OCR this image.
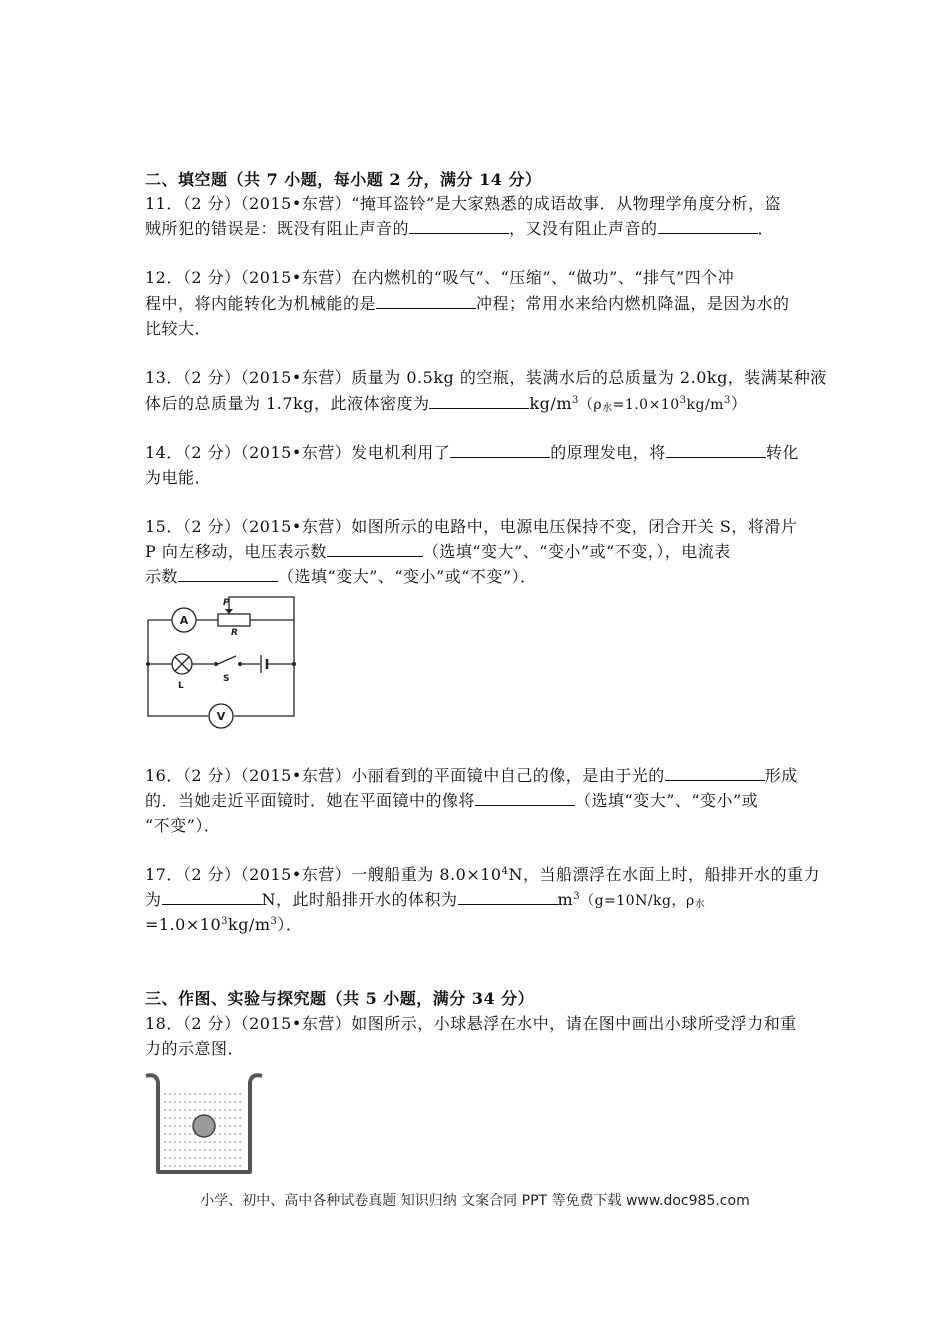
二、填空题（共 7 小题，每小题 2 分，满分 14 分）
11．（2 分）（2015•东营）“掩耳盗铃”是大家熟悉的成语故事．从物理学角度分析，盗
贼所犯的错误是：既没有阻止声音的	，又没有阻止声音的	．
12．（2 分）（2015•东营）在内燃机的“吸气”、“压缩”、“做功”、“排气”四个冲
程中，将内能转化为机械能的是	冲程；常用水来给内燃机降温，是因为水的
比较大．
13．（2 分）（2015•东营）质量为 0.5kg 的空瓶，装满水后的总质量为 2.0kg，装满某种液
体后的总质量为 1.7kg，此液体密度为	$kg/m^3(\rho_水=1.0\times 10^3kg/m^3)$
14．（2 分）（2015•东营）发电机利用了	的原理发电，将	转化
为电能．
15．（2 分）（2015•东营）如图所示的电路中，电源电压保持不变，闭合开关 S，将滑片
P 向左移动，电压表示数	（选填“变大”、“变小”或“不变，），电流表
示数	（选填“变大”、“变小”或“不变”）．
A
P
R
L
S
V
16．（2 分）（2015•东营）小丽看到的平面镜中自己的像，是由于光的	形成
的．当她走近平面镜时．她在平面镜中的像将	（选填“变大”、“变小”或
“不变”）．
17．（2 分）（2015•东营）一艘船重为 $8.0\times 10^4N$，当船漂浮在水面上时，船排开水的重力
为	N，此时船排开水的体积为	$m^3(g=10N/kg$，$\rho_水$
$=1.0\times 10^3kg/m^3$）．
三、作图、实验与探究题（共 5 小题，满分 34 分）
18．（2 分）（2015•东营）如图所示，小球悬浮在水中，请在图中画出小球所受浮力和重
力的示意图．
小学、初中、高中各种试卷真题 知识归纳 文案合同 PPT 等免费下载 www.doc985.com
